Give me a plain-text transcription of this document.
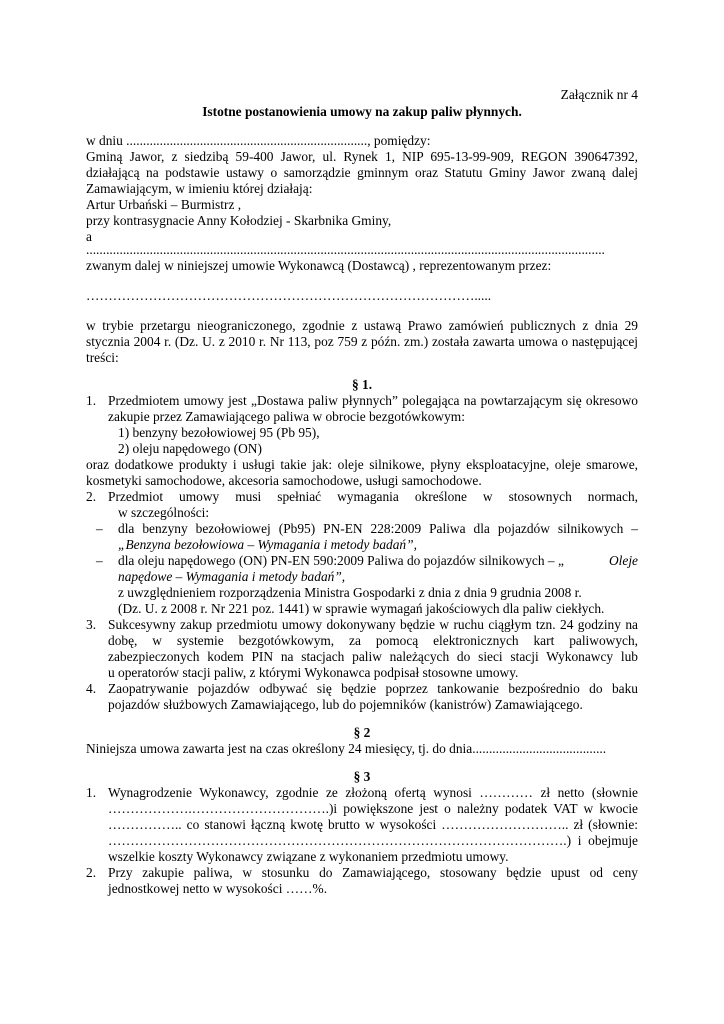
Załącznik nr 4
Istotne postanowienia umowy na zakup paliw płynnych.
w dniu ........................................................................, pomiędzy:
Gminą Jawor, z siedzibą 59-400 Jawor, ul. Rynek 1, NIP 695-13-99-909, REGON 390647392,
działającą na podstawie ustawy o samorządzie gminnym oraz Statutu Gminy Jawor zwaną dalej
Zamawiającym, w imieniu której działają:
Artur Urbański – Burmistrz ,
przy kontrasygnacie Anny Kołodziej - Skarbnika Gminy,
a
...........................................................................................................................................................
zwanym dalej w niniejszej umowie Wykonawcą (Dostawcą) , reprezentowanym przez:
…………………………………………………………………………….....
w trybie przetargu nieograniczonego, zgodnie z ustawą Prawo zamówień publicznych z dnia 29
stycznia 2004 r. (Dz. U. z 2010 r. Nr 113, poz 759 z późn. zm.) została zawarta umowa o następującej
treści:
§ 1.
1. Przedmiotem umowy jest „Dostawa paliw płynnych” polegająca na powtarzającym się okresowo
zakupie przez Zamawiającego paliwa w obrocie bezgotówkowym:
1) benzyny bezołowiowej 95 (Pb 95),
2) oleju napędowego (ON)
oraz dodatkowe produkty i usługi takie jak: oleje silnikowe, płyny eksploatacyjne, oleje smarowe,
kosmetyki samochodowe, akcesoria samochodowe, usługi samochodowe.
2. Przedmiot umowy musi spełniać wymagania określone w stosownych normach,
w szczególności:
– dla benzyny bezołowiowej (Pb95) PN-EN 228:2009 Paliwa dla pojazdów silnikowych –
„Benzyna bezołowiowa – Wymagania i metody badań”,
– dla oleju napędowego (ON) PN-EN 590:2009 Paliwa do pojazdów silnikowych – „	Oleje
napędowe – Wymagania i metody badań”,
z uwzględnieniem rozporządzenia Ministra Gospodarki z dnia z dnia 9 grudnia 2008 r.
(Dz. U. z 2008 r. Nr 221 poz. 1441) w sprawie wymagań jakościowych dla paliw ciekłych.
3. Sukcesywny zakup przedmiotu umowy dokonywany będzie w ruchu ciągłym tzn. 24 godziny na
dobę, w systemie bezgotówkowym, za pomocą elektronicznych kart paliwowych,
zabezpieczonych kodem PIN na stacjach paliw należących do sieci stacji Wykonawcy lub
u operatorów stacji paliw, z którymi Wykonawca podpisał stosowne umowy.
4. Zaopatrywanie pojazdów odbywać się będzie poprzez tankowanie bezpośrednio do baku
pojazdów służbowych Zamawiającego, lub do pojemników (kanistrów) Zamawiającego.
§ 2
Niniejsza umowa zawarta jest na czas określony 24 miesięcy, tj. do dnia........................................
§ 3
1. Wynagrodzenie Wykonawcy, zgodnie ze złożoną ofertą wynosi ………… zł netto (słownie
……………….………………………….)i powiększone jest o należny podatek VAT w kwocie
…………….. co stanowi łączną kwotę brutto w wysokości ……………………….. zł (słownie:
………………………………………………………………………………………….) i obejmuje
wszelkie koszty Wykonawcy związane z wykonaniem przedmiotu umowy.
2. Przy zakupie paliwa, w stosunku do Zamawiającego, stosowany będzie upust od ceny
jednostkowej netto w wysokości ……%.
